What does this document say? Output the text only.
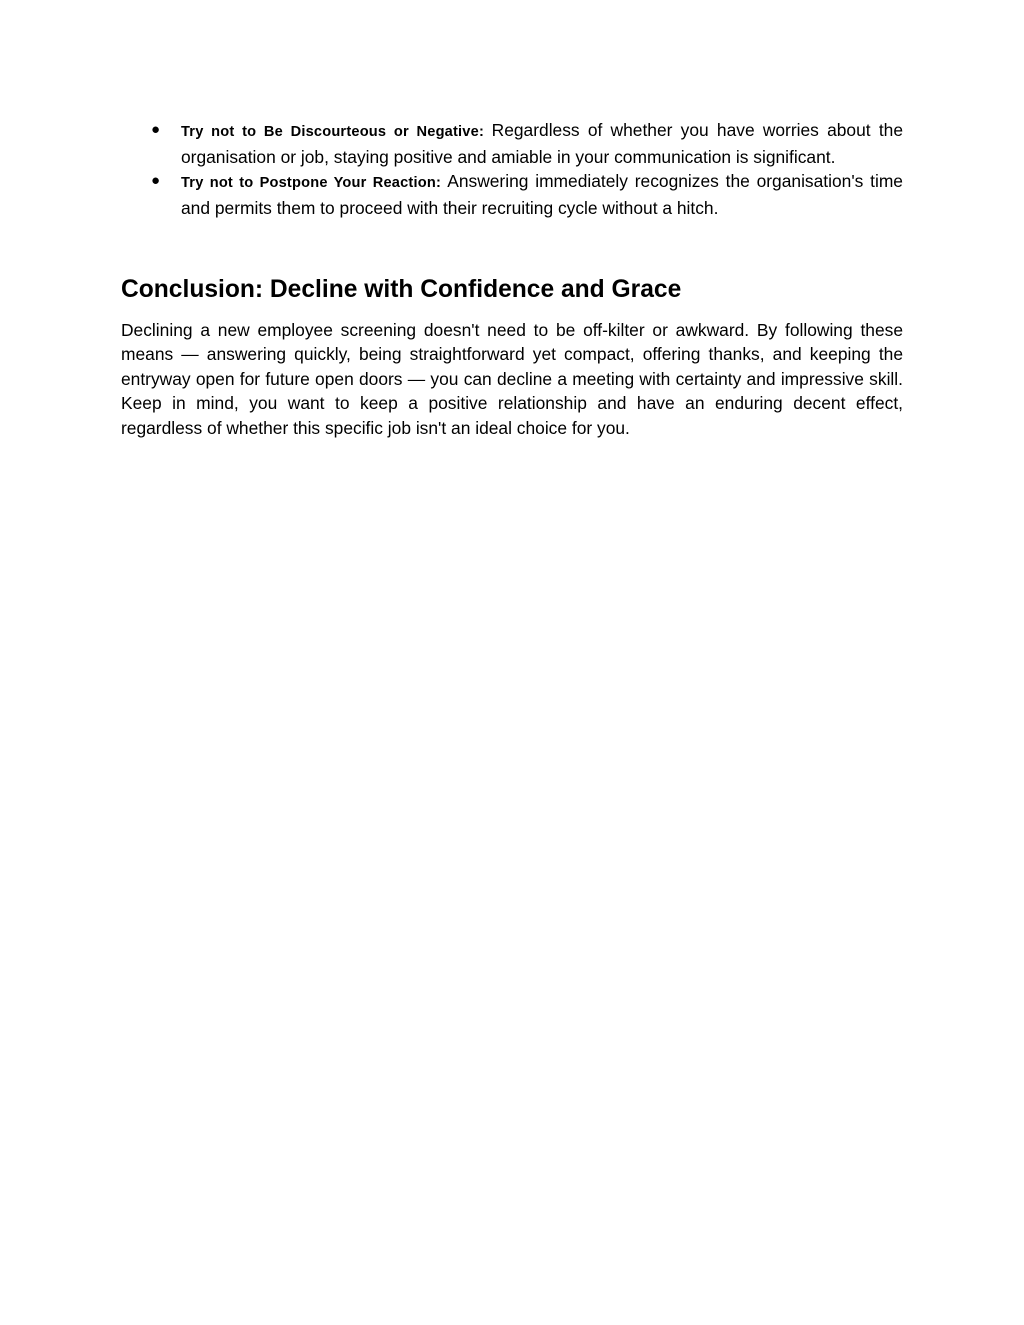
● Try not to Be Discourteous or Negative: Regardless of whether you have worries about the organisation or job, staying positive and amiable in your communication is significant.
● Try not to Postpone Your Reaction: Answering immediately recognizes the organisation's time and permits them to proceed with their recruiting cycle without a hitch.
Conclusion: Decline with Confidence and Grace

Declining a new employee screening doesn't need to be off-kilter or awkward. By following these means — answering quickly, being straightforward yet compact, offering thanks, and keeping the entryway open for future open doors — you can decline a meeting with certainty and impressive skill. Keep in mind, you want to keep a positive relationship and have an enduring decent effect, regardless of whether this specific job isn't an ideal choice for you.
